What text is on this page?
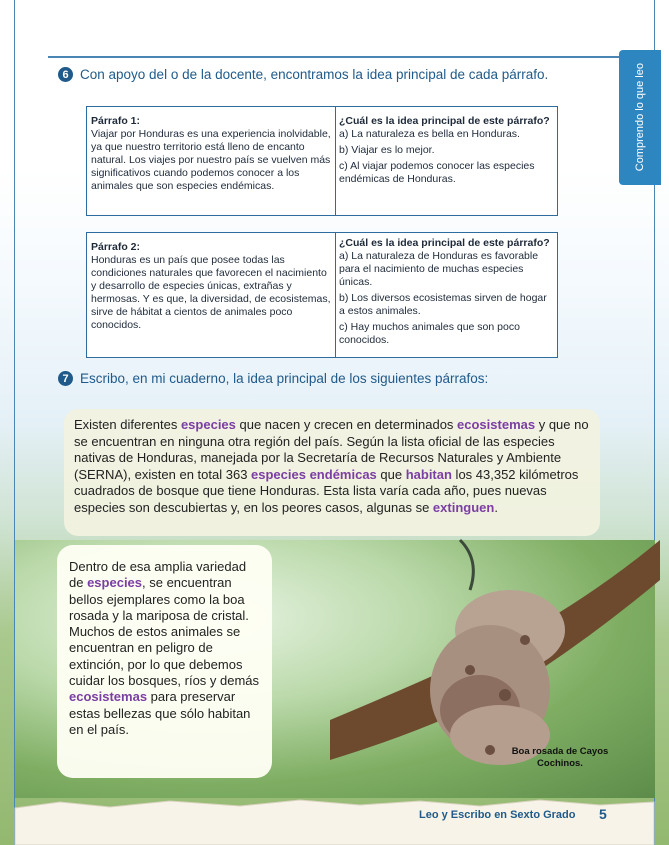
Comprendo lo que leo
6 Con apoyo del o de la docente, encontramos la idea principal de cada párrafo.
Párrafo 1:
Viajar por Honduras es una experiencia inolvidable, ya que nuestro territorio está lleno de encanto natural. Los viajes por nuestro país se vuelven más significativos cuando podemos conocer a los animales que son especies endémicas.
¿Cuál es la idea principal de este párrafo?

a) La naturaleza es bella en Honduras.

b) Viajar es lo mejor.

c) Al viajar podemos conocer las especies endémicas de Honduras.

Párrafo 2:
Honduras es un país que posee todas las condiciones naturales que favorecen el nacimiento y desarrollo de especies únicas, extrañas y hermosas. Y es que, la diversidad, de ecosistemas, sirve de hábitat a cientos de animales poco conocidos.
¿Cuál es la idea principal de este párrafo?

a) La naturaleza de Honduras es favorable para el nacimiento de muchas especies únicas.

b) Los diversos ecosistemas sirven de hogar a estos animales.

c) Hay muchos animales que son poco conocidos.

7 Escribo, en mi cuaderno, la idea principal de los siguientes párrafos:
Existen diferentes especies que nacen y crecen en determinados ecosistemas y que no se encuentran en ninguna otra región del país. Según la lista oficial de las especies nativas de Honduras, manejada por la Secretaría de Recursos Naturales y Ambiente (SERNA), existen en total 363 especies endémicas que habitan los 43,352 kilómetros cuadrados de bosque que tiene Honduras. Esta lista varía cada año, pues nuevas especies son descubiertas y, en los peores casos, algunas se extinguen.
Dentro de esa amplia variedad de especies, se encuentran bellos ejemplares como la boa rosada y la mariposa de cristal. Muchos de estos animales se encuentran en peligro de extinción, por lo que debemos cuidar los bosques, ríos y demás ecosistemas para preservar estas bellezas que sólo habitan en el país.
Boa rosada de Cayos Cochinos.
Leo y Escribo en Sexto Grado 5
